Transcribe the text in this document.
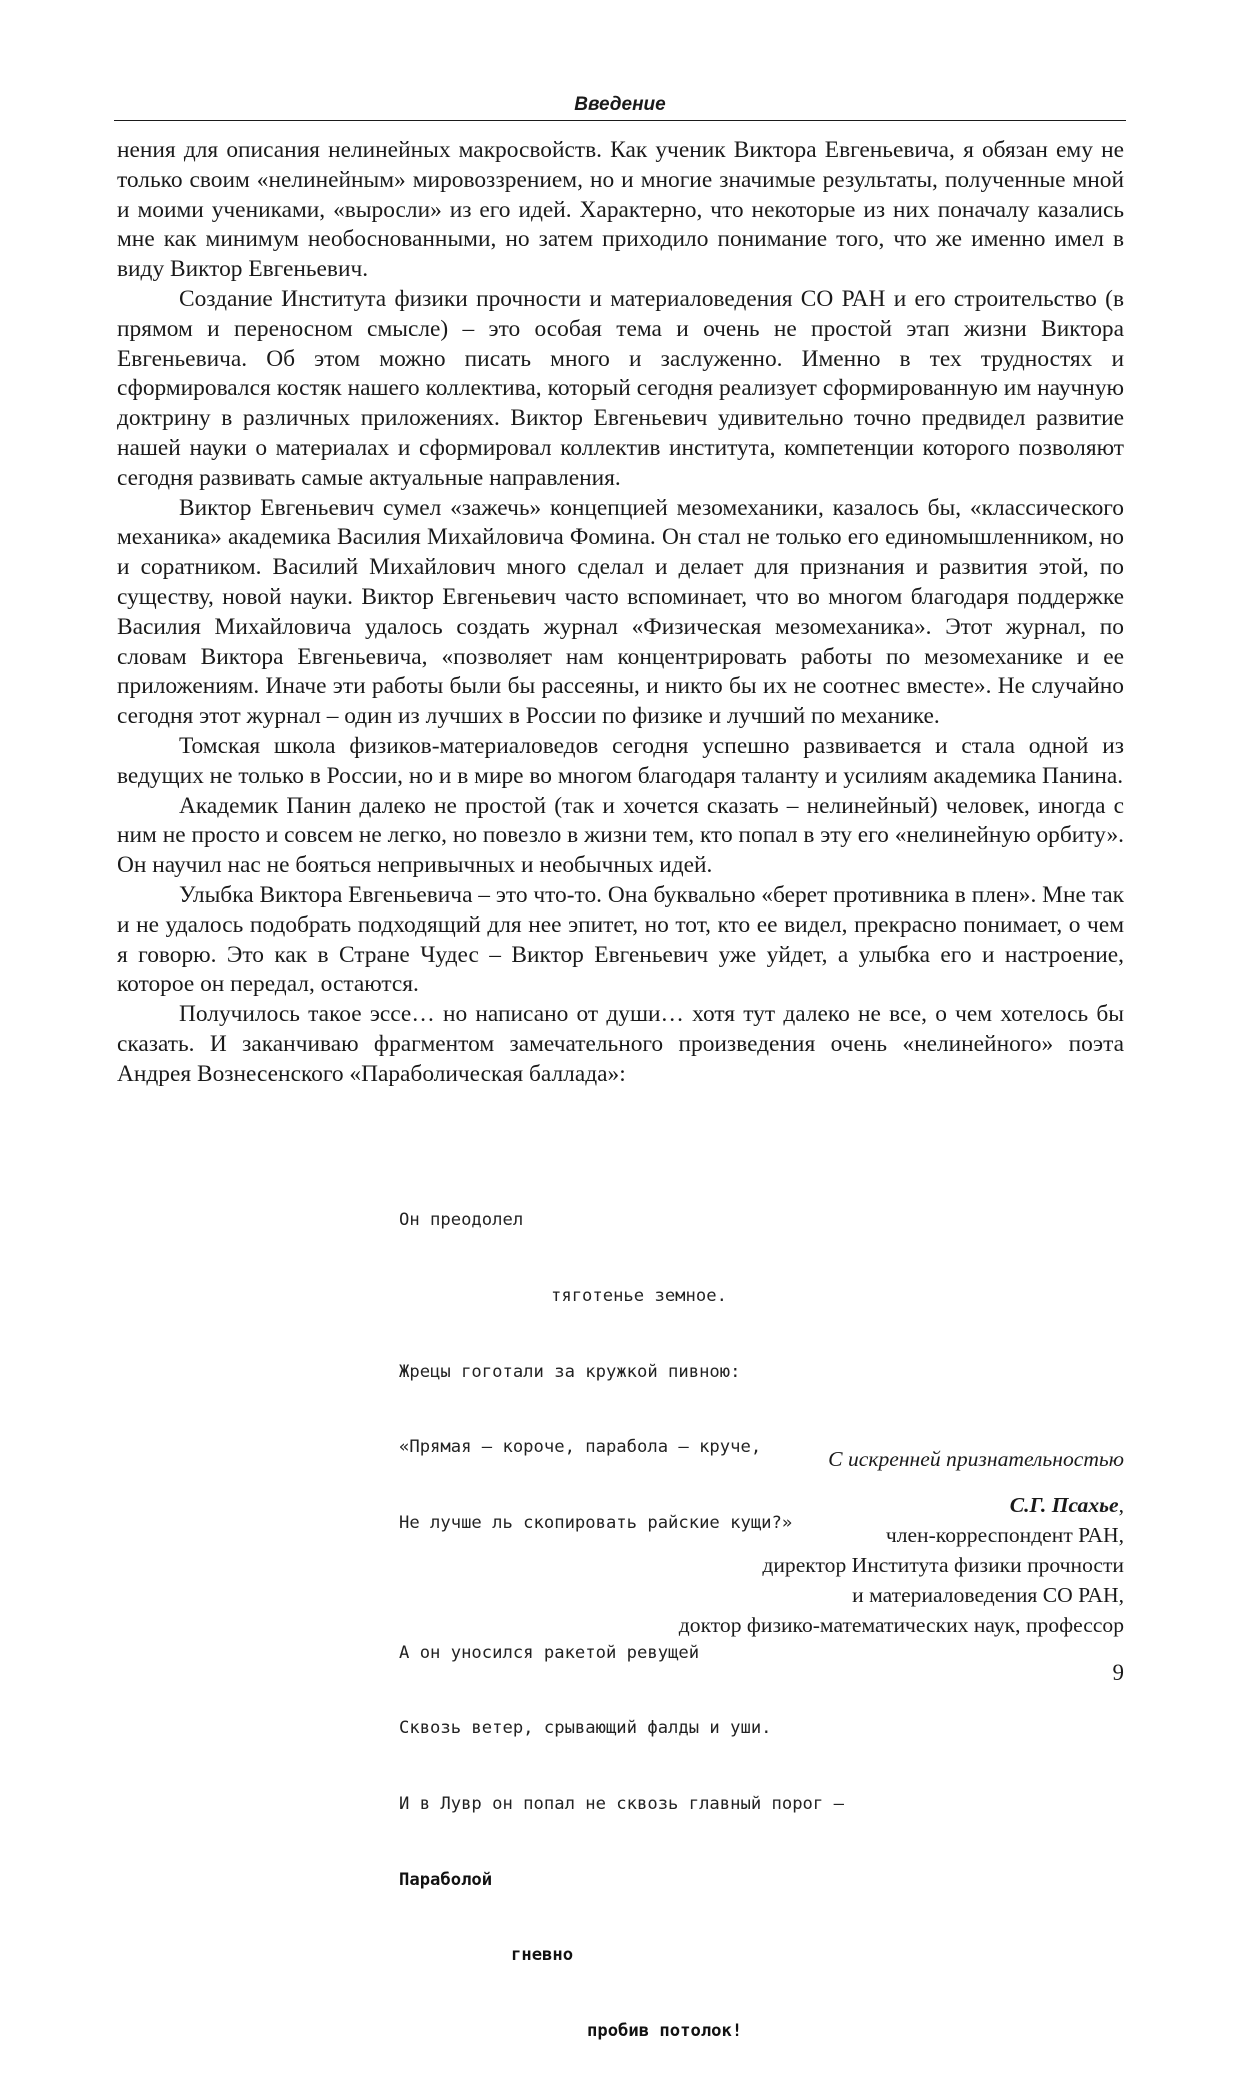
Введение

нения для описания нелинейных макросвойств. Как ученик Виктора Евгеньевича, я обязан ему не только своим «нелинейным» мировоззрением, но и многие значимые результаты, полученные мной и моими учениками, «выросли» из его идей. Характерно, что некоторые из них поначалу казались мне как минимум необоснованными, но затем приходило понимание того, что же именно имел в виду Виктор Евгеньевич.

Создание Института физики прочности и материаловедения СО РАН и его строительство (в прямом и переносном смысле) – это особая тема и очень не простой этап жизни Виктора Евгеньевича. Об этом можно писать много и заслуженно. Именно в тех трудностях и сформировался костяк нашего коллектива, который сегодня реализует сформированную им научную доктрину в различных приложениях. Виктор Евгеньевич удивительно точно предвидел развитие нашей науки о материалах и сформировал коллектив института, компетенции которого позволяют сегодня развивать самые актуальные направления.

Виктор Евгеньевич сумел «зажечь» концепцией мезомеханики, казалось бы, «классического механика» академика Василия Михайловича Фомина. Он стал не только его единомышленником, но и соратником. Василий Михайлович много сделал и делает для признания и развития этой, по существу, новой науки. Виктор Евгеньевич часто вспоминает, что во многом благодаря поддержке Василия Михайловича удалось создать журнал «Физическая мезомеханика». Этот журнал, по словам Виктора Евгеньевича, «позволяет нам концентрировать работы по мезомеханике и ее приложениям. Иначе эти работы были бы рассеяны, и никто бы их не соотнес вместе». Не случайно сегодня этот журнал – один из лучших в России по физике и лучший по механике.

Томская школа физиков-материаловедов сегодня успешно развивается и стала одной из ведущих не только в России, но и в мире во многом благодаря таланту и усилиям академика Панина.

Академик Панин далеко не простой (так и хочется сказать – нелинейный) человек, иногда с ним не просто и совсем не легко, но повезло в жизни тем, кто попал в эту его «нелинейную орбиту». Он научил нас не бояться непривычных и необычных идей.

Улыбка Виктора Евгеньевича – это что-то. Она буквально «берет противника в плен». Мне так и не удалось подобрать подходящий для нее эпитет, но тот, кто ее видел, прекрасно понимает, о чем я говорю. Это как в Стране Чудес – Виктор Евгеньевич уже уйдет, а улыбка его и настроение, которое он передал, остаются.

Получилось такое эссе… но написано от души… хотя тут далеко не все, о чем хотелось бы сказать. И заканчиваю фрагментом замечательного произведения очень «нелинейного» поэта Андрея Вознесенского «Параболическая баллада»:

Он преодолел

тяготенье земное.

Жрецы гоготали за кружкой пивною:

«Прямая — короче, парабола — круче,

Не лучше ль скопировать райские кущи?»

А он уносился ракетой ревущей

Сквозь ветер, срывающий фалды и уши.

И в Лувр он попал не сквозь главный порог —

Параболой

гневно

пробив потолок!

С искренней признательностью
С.Г. Псахье,
член-корреспондент РАН,
директор Института физики прочности
и материаловедения СО РАН,
доктор физико-математических наук, профессор
9
